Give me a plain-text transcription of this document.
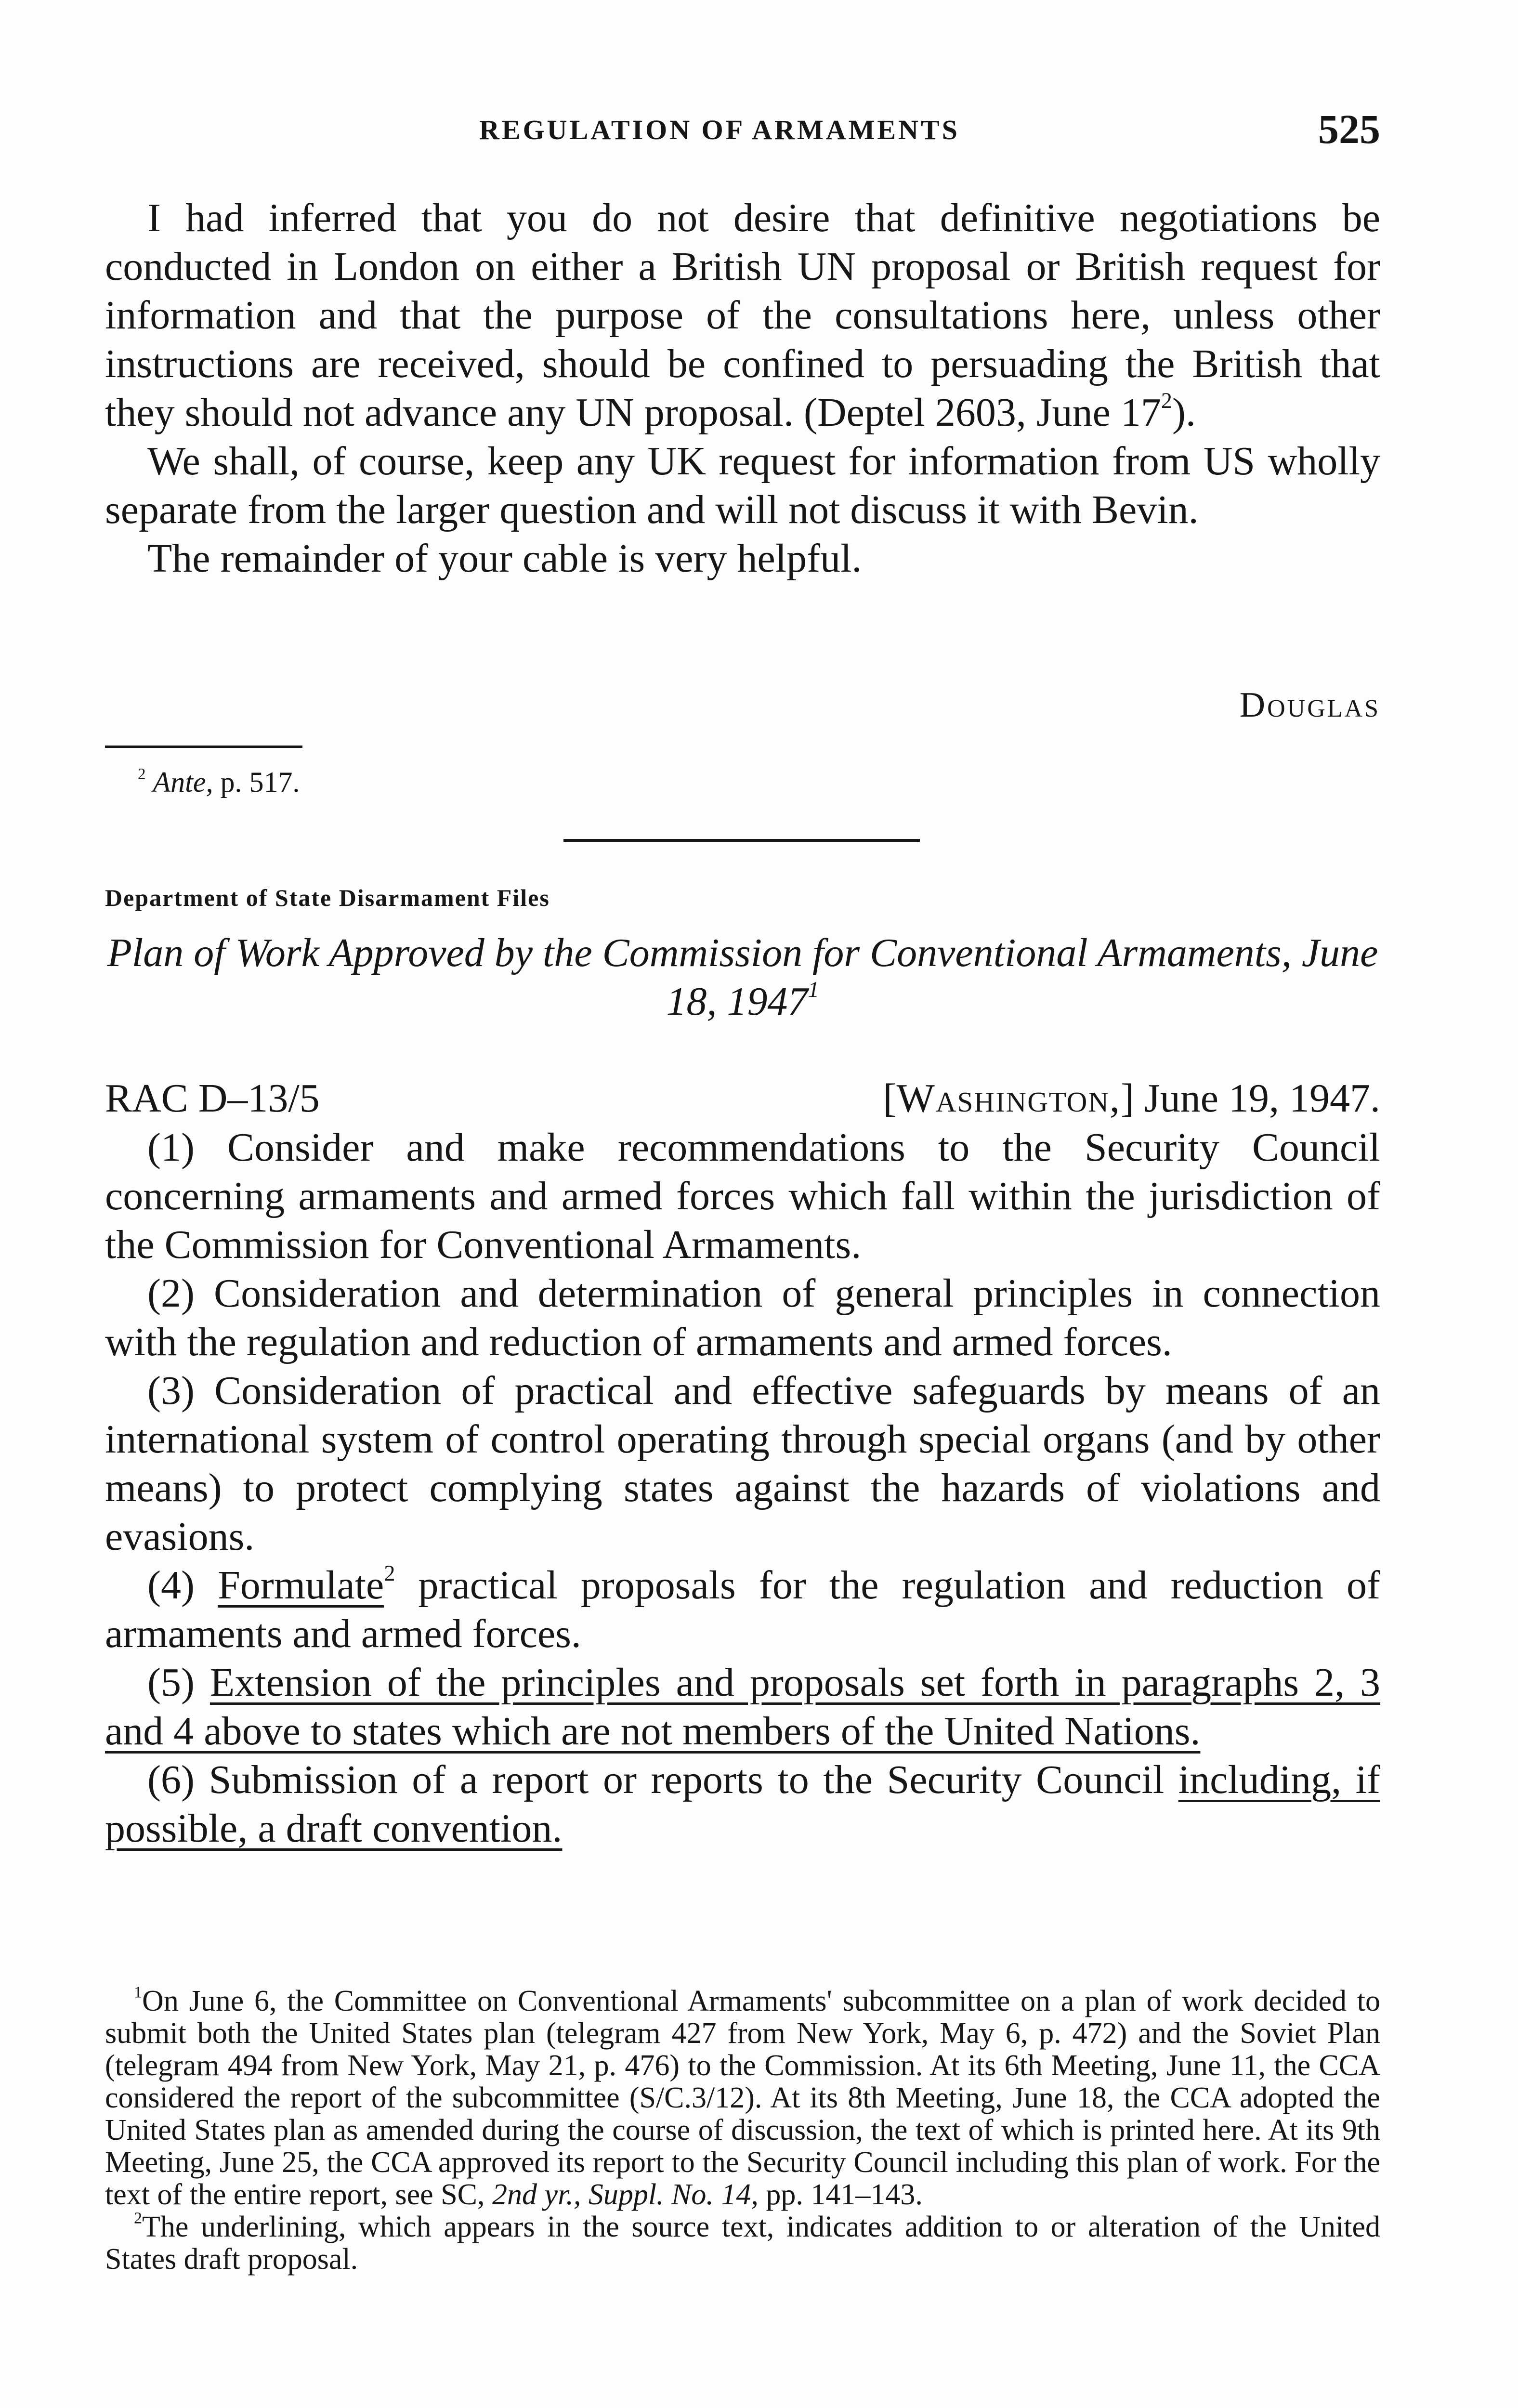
REGULATION OF ARMAMENTS	525

I had inferred that you do not desire that definitive negotiations be conducted in London on either a British UN proposal or British request for information and that the purpose of the consultations here, unless other instructions are received, should be confined to persuading the British that they should not advance any UN proposal. (Deptel 2603, June $17^2$).

We shall, of course, keep any UK request for information from US wholly separate from the larger question and will not discuss it with Bevin.

The remainder of your cable is very helpful.

Douglas
$^2$ Ante, p. 517.
Department of State Disarmament Files
Plan of Work Approved by the Commission for Conventional Armaments, June 18, 1947$^1$
RAC D–13/5	[Washington,] June 19, 1947.

(1) Consider and make recommendations to the Security Council concerning armaments and armed forces which fall within the jurisdiction of the Commission for Conventional Armaments.

(2) Consideration and determination of general principles in connection with the regulation and reduction of armaments and armed forces.

(3) Consideration of practical and effective safeguards by means of an international system of control operating through special organs (and by other means) to protect complying states against the hazards of violations and evasions.

(4) Formulate$^2$ practical proposals for the regulation and reduction of armaments and armed forces.

(5) Extension of the principles and proposals set forth in paragraphs 2, 3 and 4 above to states which are not members of the United Nations.

(6) Submission of a report or reports to the Security Council including, if possible, a draft convention.

$^1$On June 6, the Committee on Conventional Armaments' subcommittee on a plan of work decided to submit both the United States plan (telegram 427 from New York, May 6, p. 472) and the Soviet Plan (telegram 494 from New York, May 21, p. 476) to the Commission. At its 6th Meeting, June 11, the CCA considered the report of the subcommittee (S/C.3/12). At its 8th Meeting, June 18, the CCA adopted the United States plan as amended during the course of discussion, the text of which is printed here. At its 9th Meeting, June 25, the CCA approved its report to the Security Council including this plan of work. For the text of the entire report, see SC, 2nd yr., Suppl. No. 14, pp. 141–143.

$^2$The underlining, which appears in the source text, indicates addition to or alteration of the United States draft proposal.
